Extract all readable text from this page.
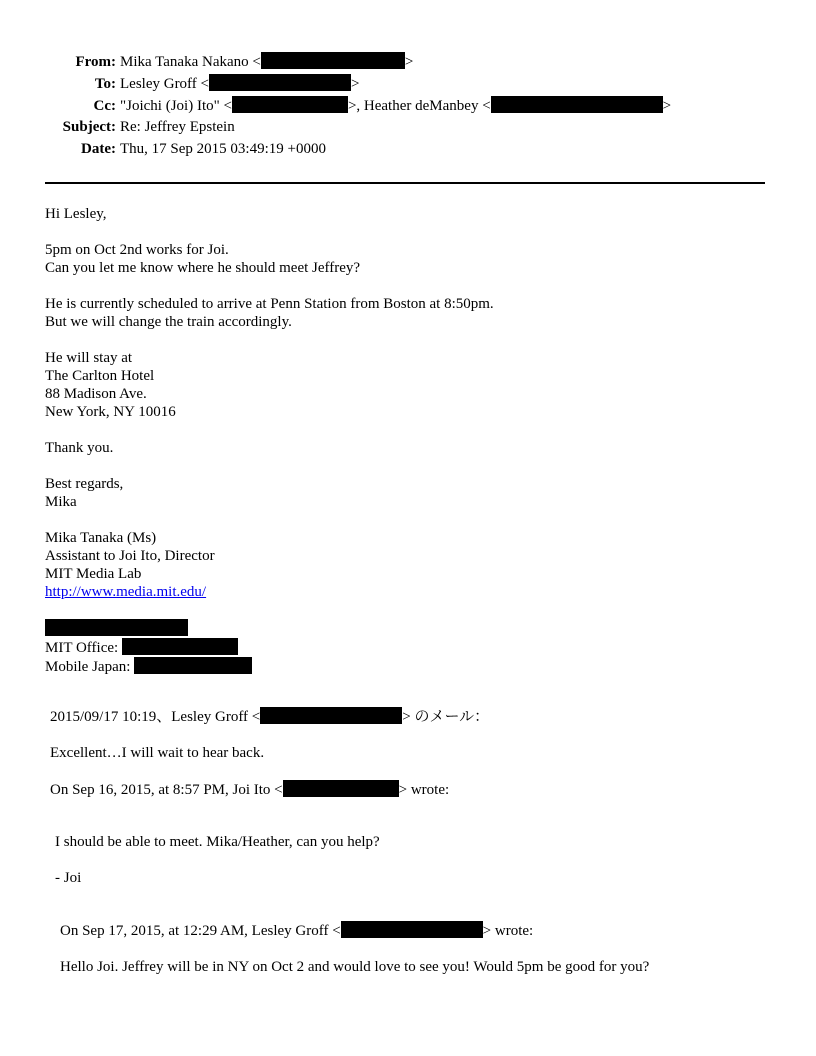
From: Mika Tanaka Nakano <	>
To: Lesley Groff <	>
Cc: "Joichi (Joi) Ito" <	>, Heather deManbey <	>
Subject: Re: Jeffrey Epstein
Date: Thu, 17 Sep 2015 03:49:19 +0000

Hi Lesley,

5pm on Oct 2nd works for Joi.
Can you let me know where he should meet Jeffrey?

He is currently scheduled to arrive at Penn Station from Boston at 8:50pm.
But we will change the train accordingly.

He will stay at
The Carlton Hotel
88 Madison Ave.
New York, NY 10016

Thank you.

Best regards,
Mika

Mika Tanaka (Ms)
Assistant to Joi Ito, Director
MIT Media Lab
http://www.media.mit.edu/

MIT Office:
Mobile Japan:

2015/09/17 10:19、Lesley Groff <	> のメール：

Excellent…I will wait to hear back.

On Sep 16, 2015, at 8:57 PM, Joi Ito <	> wrote:

I should be able to meet. Mika/Heather, can you help?

- Joi

On Sep 17, 2015, at 12:29 AM, Lesley Groff <	> wrote:

Hello Joi. Jeffrey will be in NY on Oct 2 and would love to see you! Would 5pm be good for you?
